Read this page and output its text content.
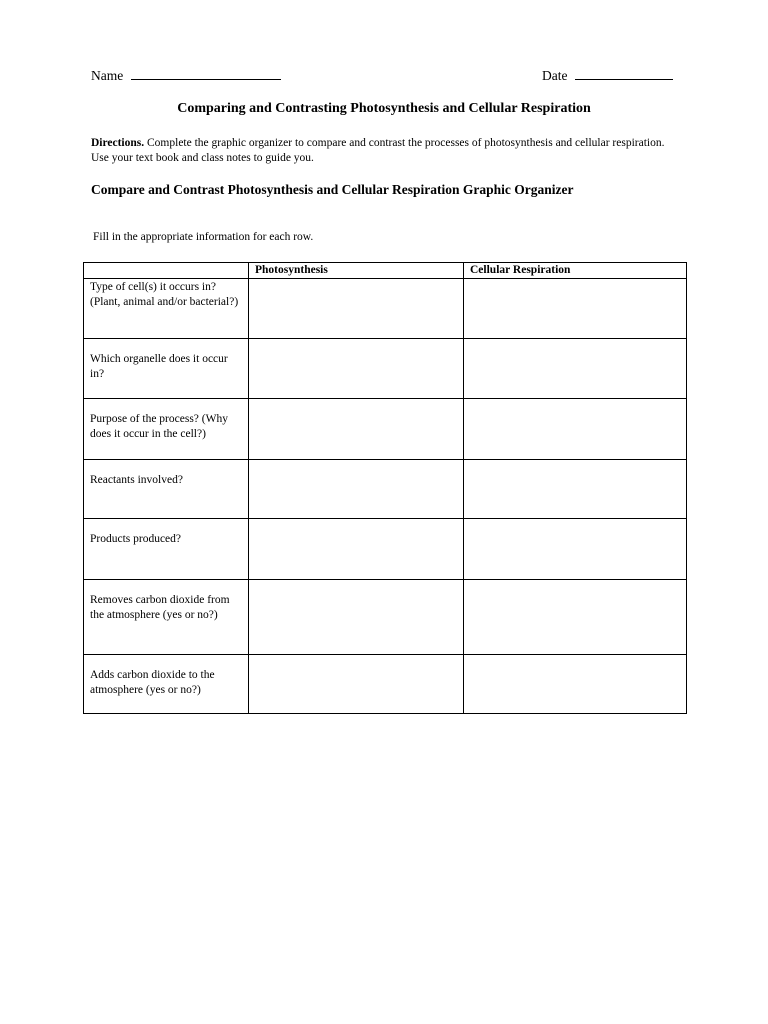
Name	Date
Comparing and Contrasting Photosynthesis and Cellular Respiration
Directions. Complete the graphic organizer to compare and contrast the processes of photosynthesis and cellular respiration. Use your text book and class notes to guide you.
Compare and Contrast Photosynthesis and Cellular Respiration Graphic Organizer
Fill in the appropriate information for each row.
	Photosynthesis	Cellular Respiration
Type of cell(s) it occurs in? (Plant, animal and/or bacterial?)		
Which organelle does it occur in?		
Purpose of the process? (Why does it occur in the cell?)		
Reactants involved?		
Products produced?		
Removes carbon dioxide from the atmosphere (yes or no?)		
Adds carbon dioxide to the atmosphere (yes or no?)		
